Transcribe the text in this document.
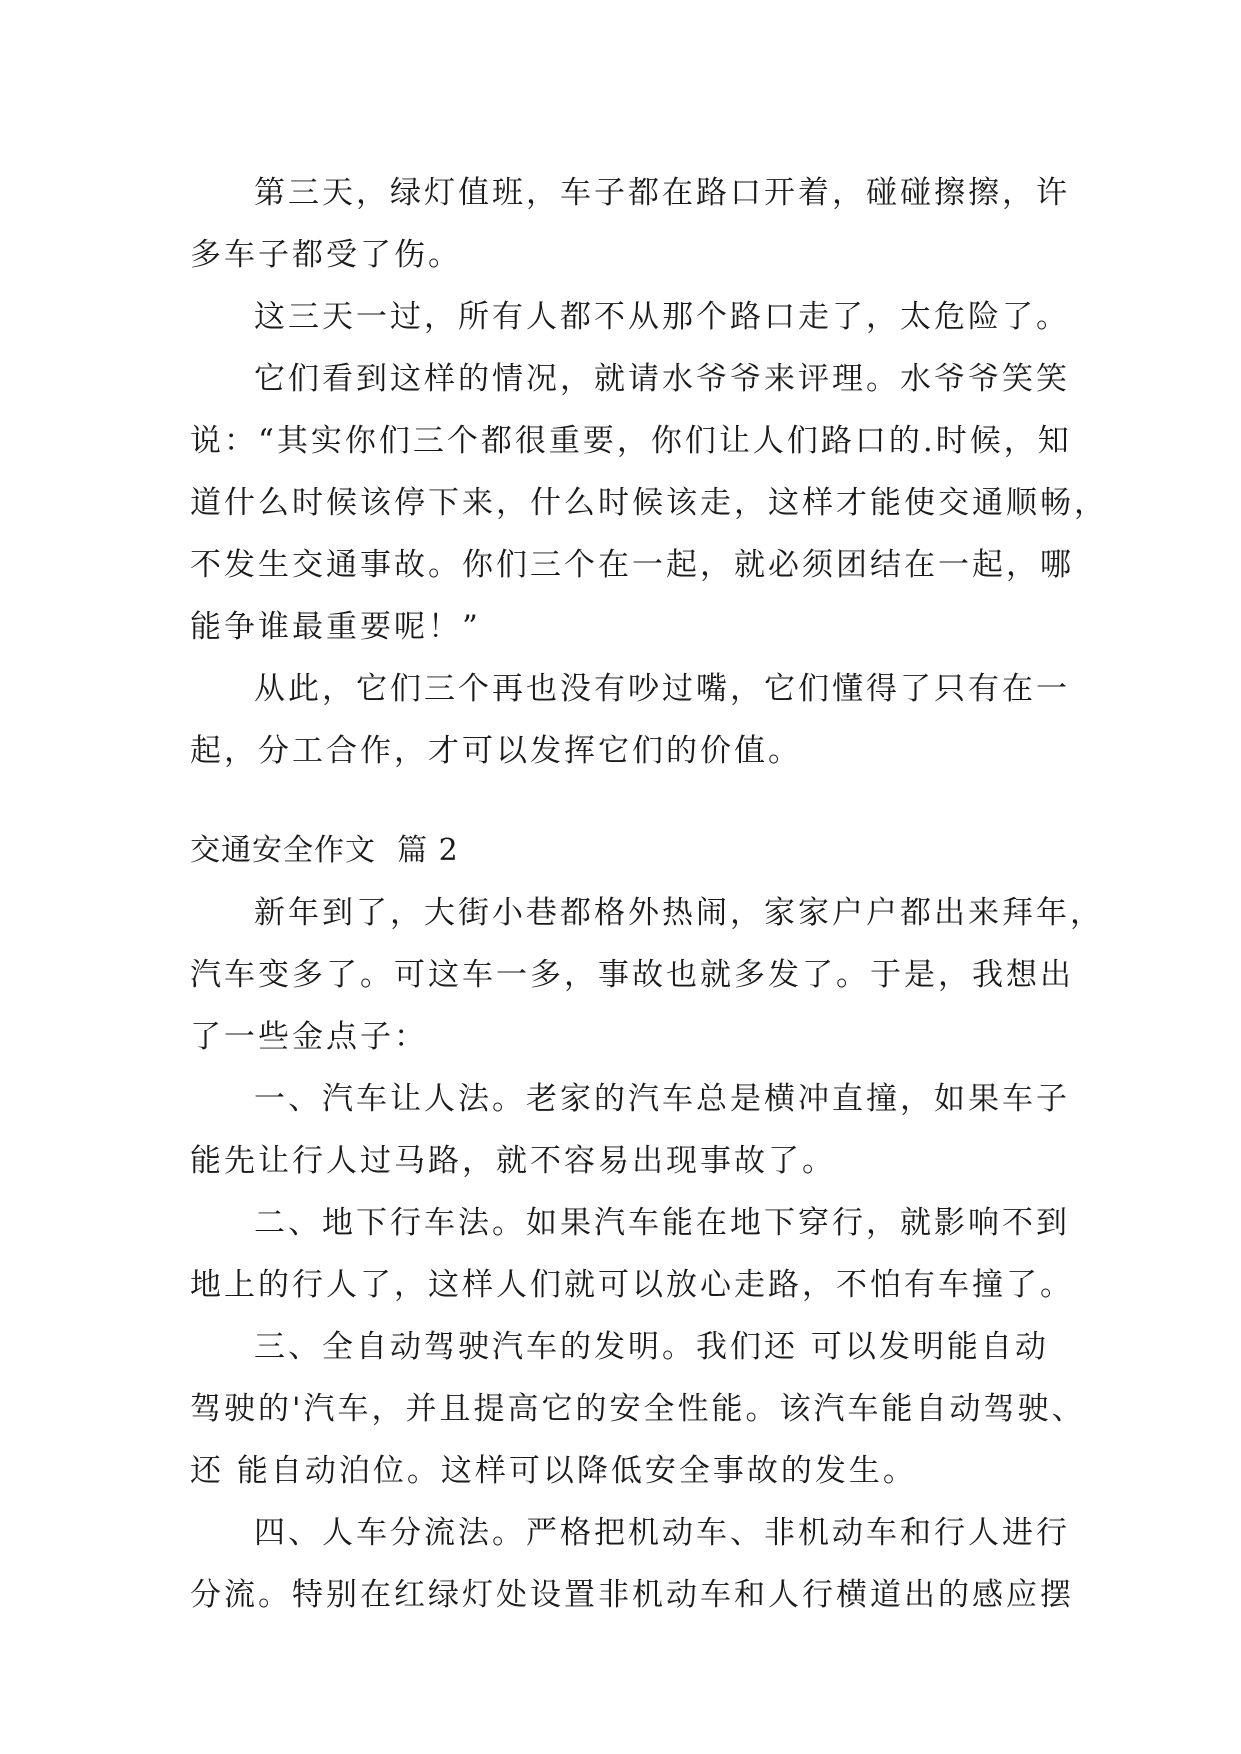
第三天，绿灯值班，车子都在路口开着，碰碰擦擦，许
多车子都受了伤。
这三天一过，所有人都不从那个路口走了，太危险了。
它们看到这样的情况，就请水爷爷来评理。水爷爷笑笑
说：“其实你们三个都很重要，你们让人们路口的.时候，知
道什么时候该停下来，什么时候该走，这样才能使交通顺畅，
不发生交通事故。你们三个在一起，就必须团结在一起，哪
能争谁最重要呢！”
从此，它们三个再也没有吵过嘴，它们懂得了只有在一
起，分工合作，才可以发挥它们的价值。
交通安全作文  篇 2
新年到了，大街小巷都格外热闹，家家户户都出来拜年，
汽车变多了。可这车一多，事故也就多发了。于是，我想出
了一些金点子：
一、汽车让人法。老家的汽车总是横冲直撞，如果车子
能先让行人过马路，就不容易出现事故了。
二、地下行车法。如果汽车能在地下穿行，就影响不到
地上的行人了，这样人们就可以放心走路，不怕有车撞了。
三、全自动驾驶汽车的发明。我们还 可以发明能自动
驾驶的'汽车，并且提高它的安全性能。该汽车能自动驾驶、
还 能自动泊位。这样可以降低安全事故的发生。
四、人车分流法。严格把机动车、非机动车和行人进行
分流。特别在红绿灯处设置非机动车和人行横道出的感应摆
